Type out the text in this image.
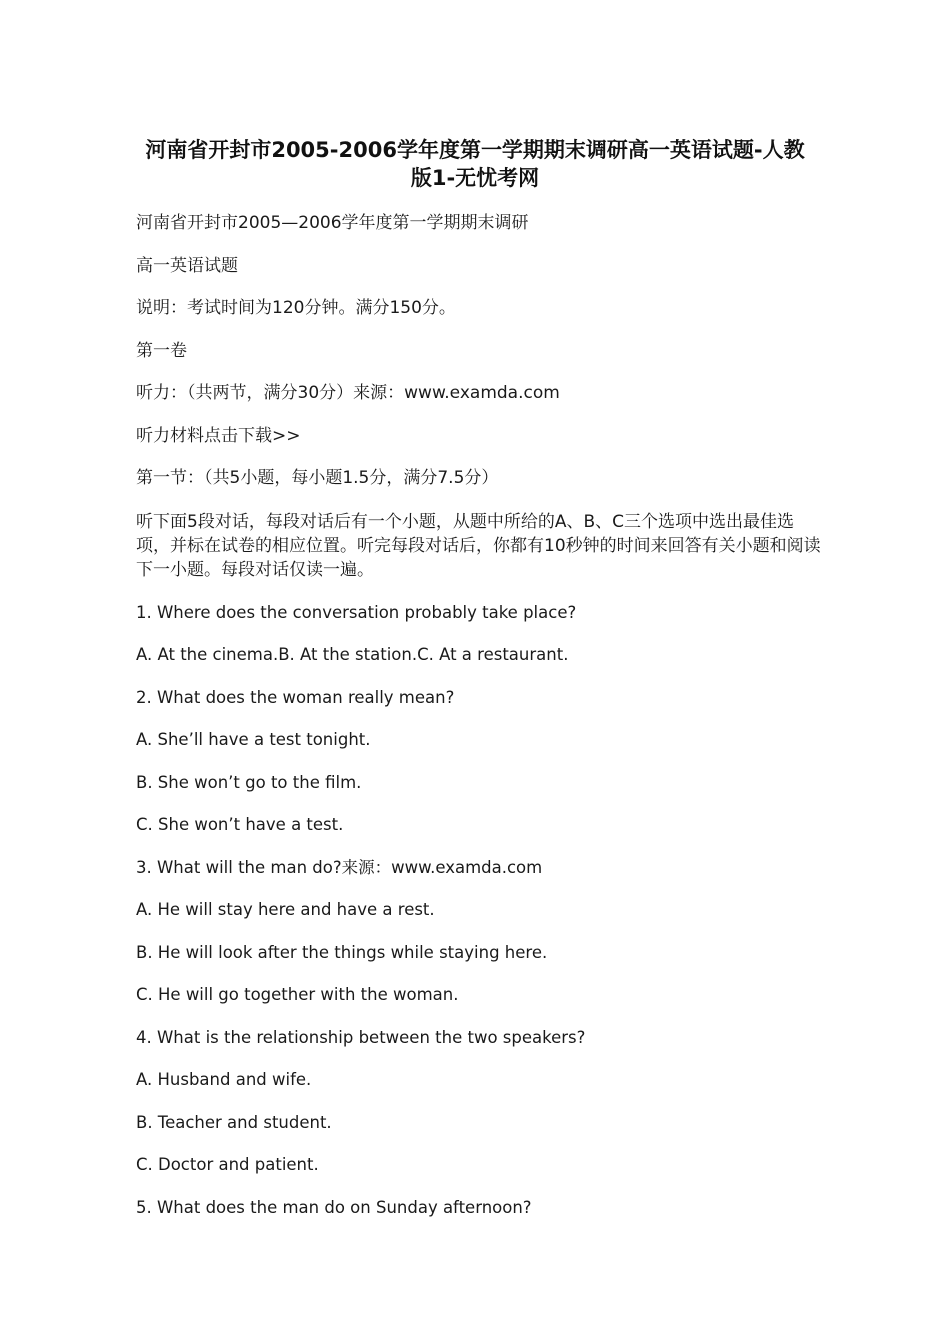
河南省开封市2005-2006学年度第一学期期末调研高一英语试题-人教
版1-无忧考网

河南省开封市2005—2006学年度第一学期期末调研

高一英语试题

说明：考试时间为120分钟。满分150分。

第一卷

听力：（共两节，满分30分）来源：www.examda.com

听力材料点击下载>>

第一节：（共5小题，每小题1.5分，满分7.5分）

听下面5段对话，每段对话后有一个小题，从题中所给的A、B、C三个选项中选出最佳选项，并标在试卷的相应位置。听完每段对话后，你都有10秒钟的时间来回答有关小题和阅读下一小题。每段对话仅读一遍。

1. Where does the conversation probably take place?

A. At the cinema.B. At the station.C. At a restaurant.

2. What does the woman really mean?

A. She’ll have a test tonight.

B. She won’t go to the film.

C. She won’t have a test.

3. What will the man do?来源：www.examda.com

A. He will stay here and have a rest.

B. He will look after the things while staying here.

C. He will go together with the woman.

4. What is the relationship between the two speakers?

A. Husband and wife.

B. Teacher and student.

C. Doctor and patient.

5. What does the man do on Sunday afternoon?
